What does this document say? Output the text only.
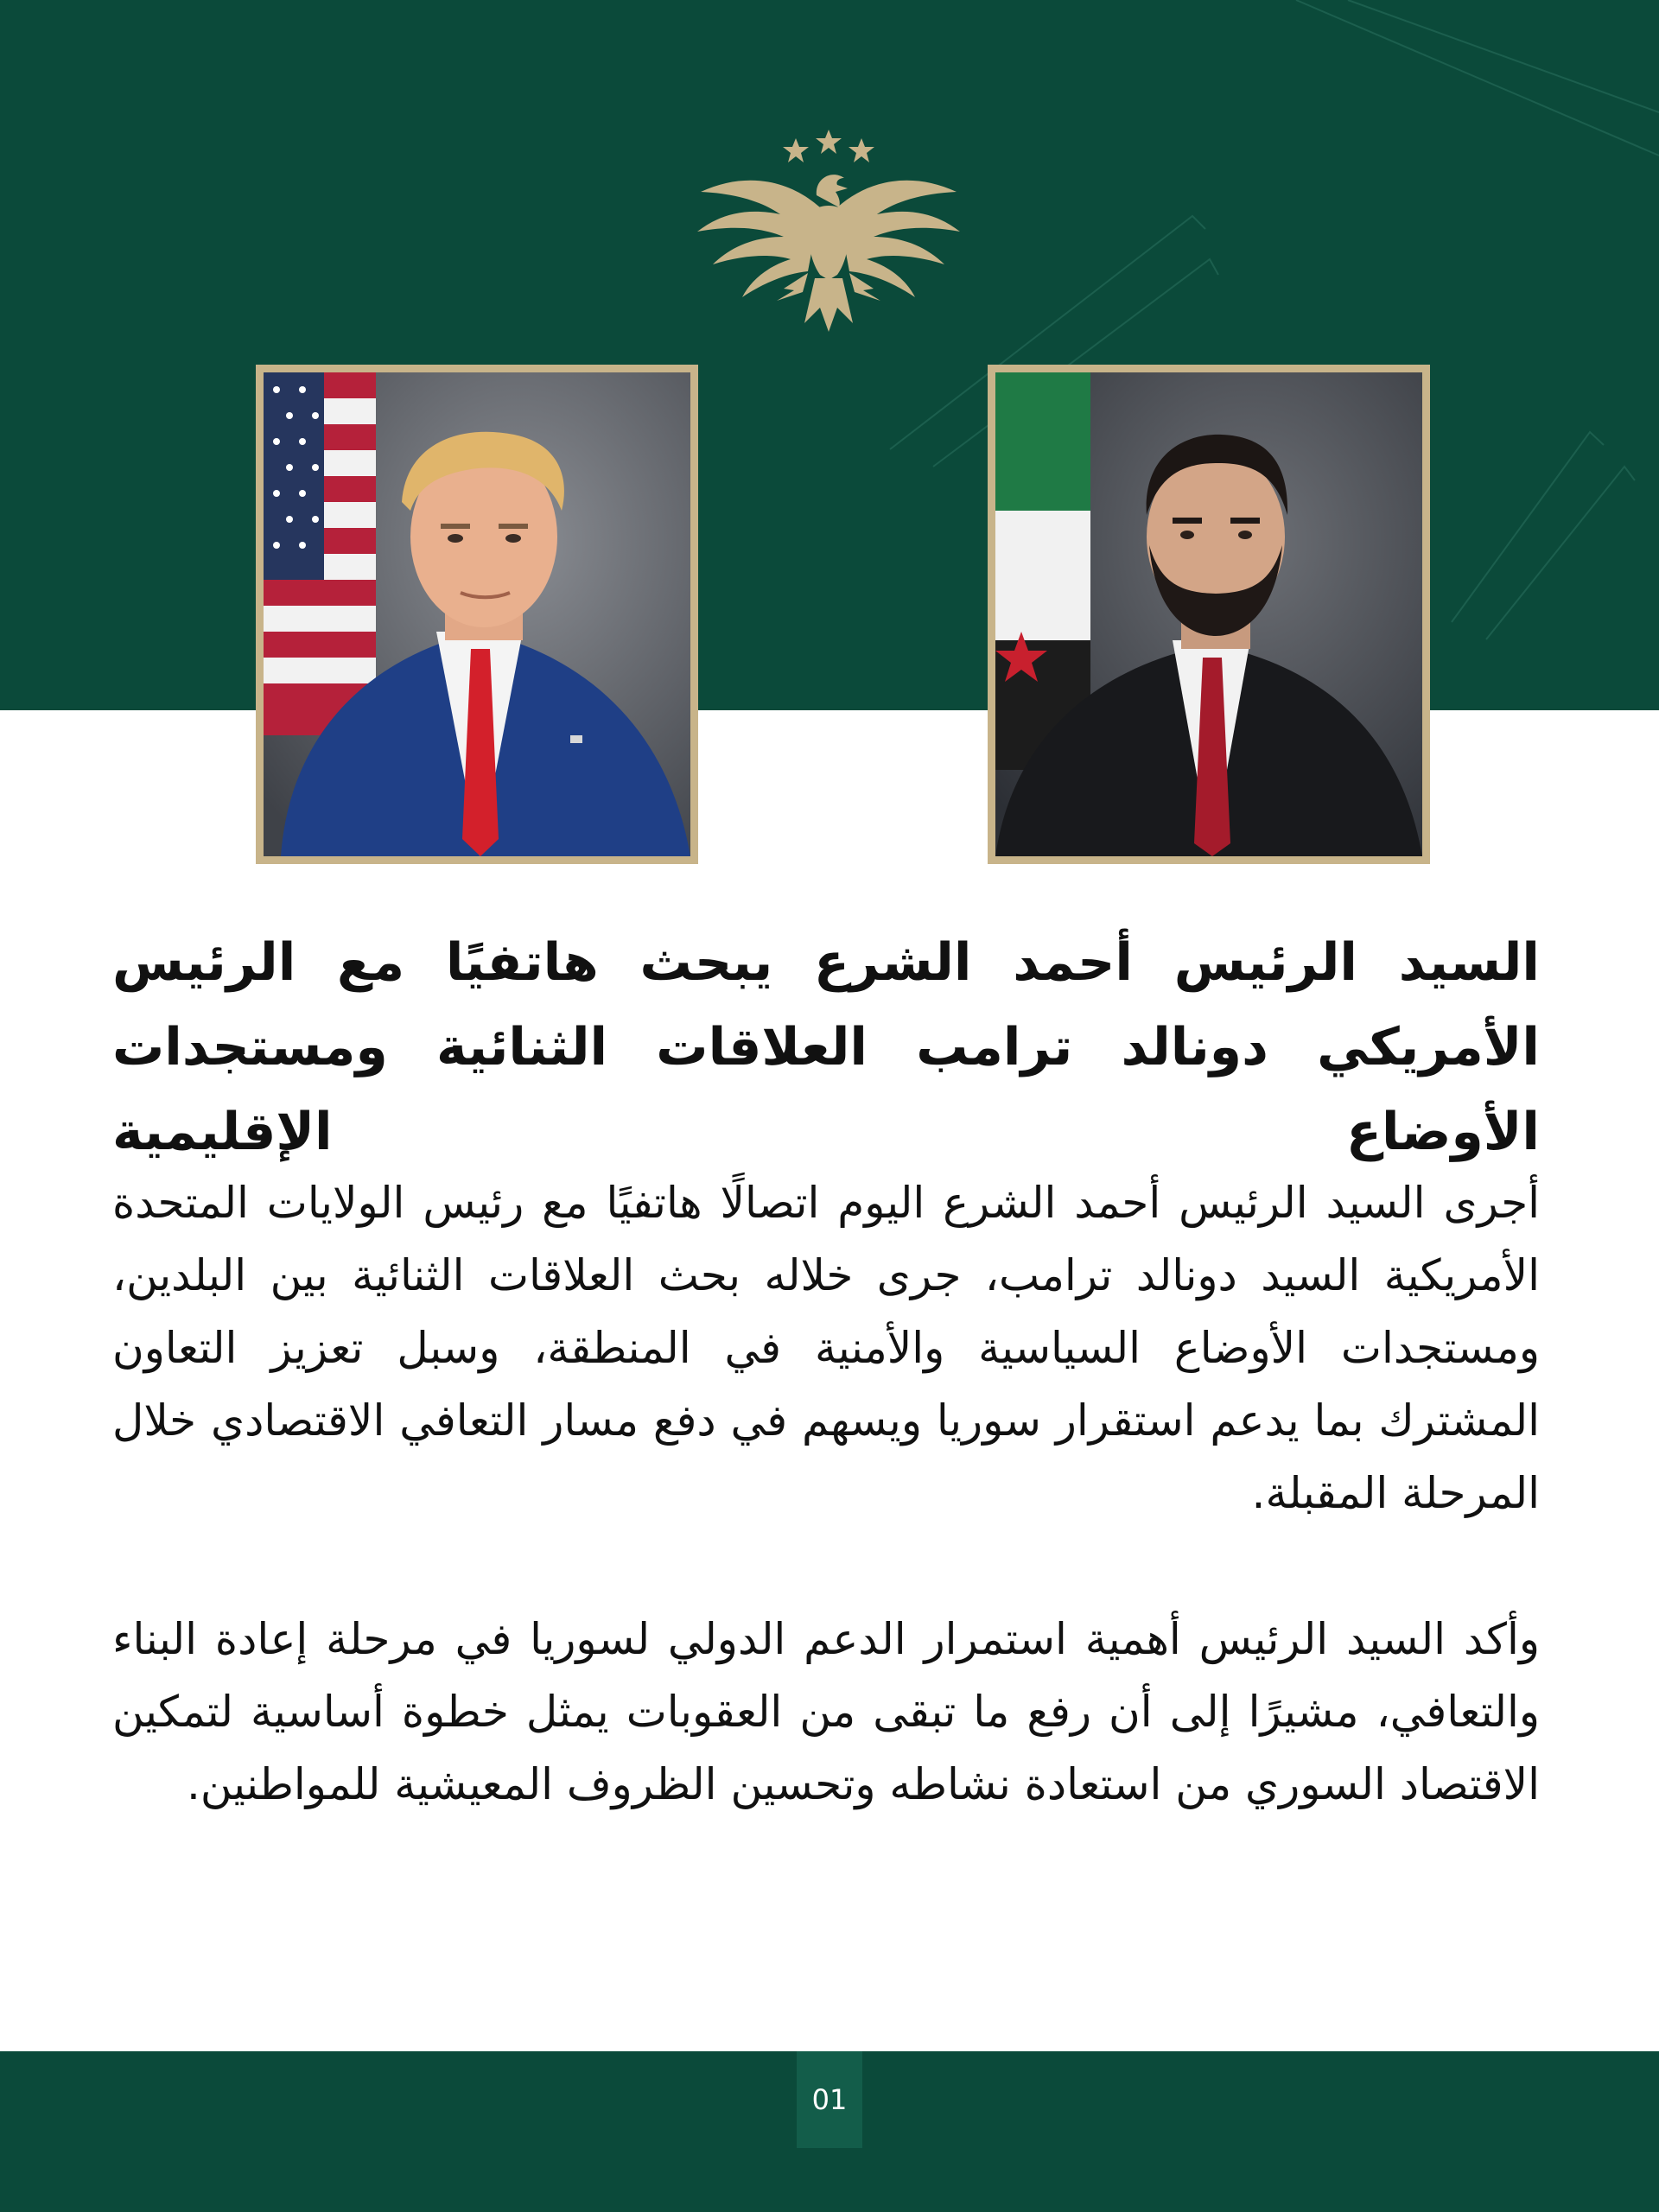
السيد الرئيس أحمد الشرع يبحث هاتفيًا مع الرئيس الأمريكي دونالد ترامب العلاقات الثنائية ومستجدات الأوضاع الإقليمية

أجرى السيد الرئيس أحمد الشرع اليوم اتصالًا هاتفيًا مع رئيس الولايات المتحدة الأمريكية السيد دونالد ترامب، جرى خلاله بحث العلاقات الثنائية بين البلدين، ومستجدات الأوضاع السياسية والأمنية في المنطقة، وسبل تعزيز التعاون المشترك بما يدعم استقرار سوريا ويسهم في دفع مسار التعافي الاقتصادي خلال المرحلة المقبلة.

وأكد السيد الرئيس أهمية استمرار الدعم الدولي لسوريا في مرحلة إعادة البناء والتعافي، مشيرًا إلى أن رفع ما تبقى من العقوبات يمثل خطوة أساسية لتمكين الاقتصاد السوري من استعادة نشاطه وتحسين الظروف المعيشية للمواطنين.

01
